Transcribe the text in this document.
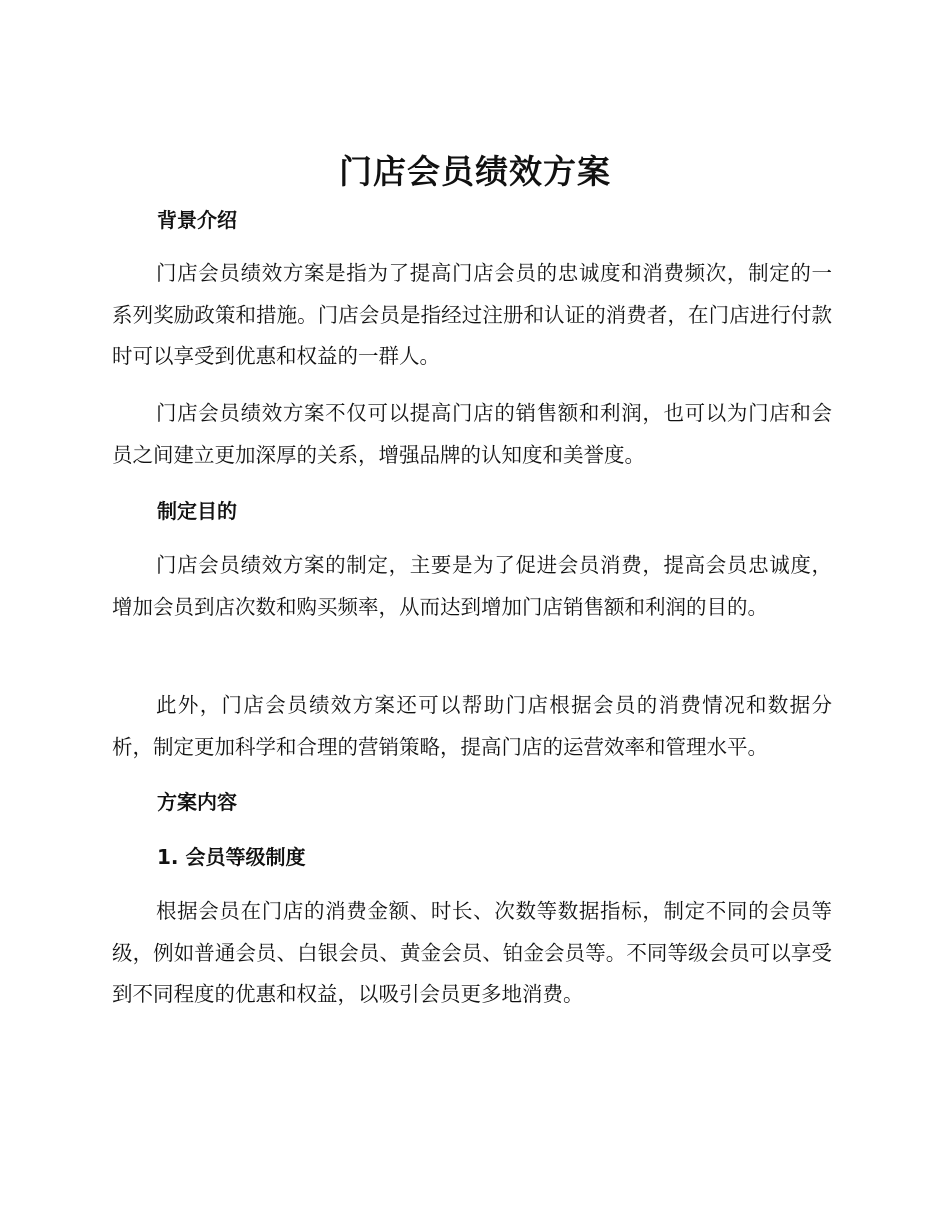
门店会员绩效方案
背景介绍

门店会员绩效方案是指为了提高门店会员的忠诚度和消费频次，制定的一系列奖励政策和措施。门店会员是指经过注册和认证的消费者，在门店进行付款时可以享受到优惠和权益的一群人。

门店会员绩效方案不仅可以提高门店的销售额和利润，也可以为门店和会员之间建立更加深厚的关系，增强品牌的认知度和美誉度。

制定目的

门店会员绩效方案的制定，主要是为了促进会员消费，提高会员忠诚度，增加会员到店次数和购买频率，从而达到增加门店销售额和利润的目的。

此外，门店会员绩效方案还可以帮助门店根据会员的消费情况和数据分析，制定更加科学和合理的营销策略，提高门店的运营效率和管理水平。

方案内容
1. 会员等级制度

根据会员在门店的消费金额、时长、次数等数据指标，制定不同的会员等级，例如普通会员、白银会员、黄金会员、铂金会员等。不同等级会员可以享受到不同程度的优惠和权益，以吸引会员更多地消费。
